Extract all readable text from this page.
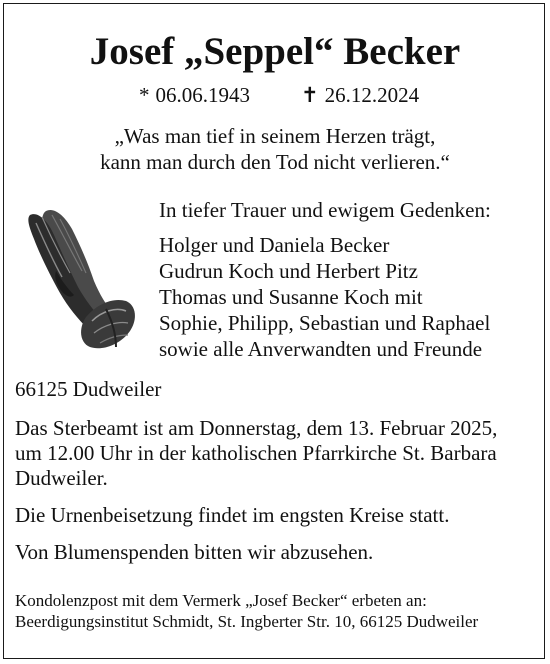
Josef „Seppel“ Becker
* 06.06.1943 ✝ 26.12.2024
„Was man tief in seinem Herzen trägt,
kann man durch den Tod nicht verlieren.“
In tiefer Trauer und ewigem Gedenken:
Holger und Daniela Becker
Gudrun Koch und Herbert Pitz
Thomas und Susanne Koch mit
Sophie, Philipp, Sebastian und Raphael
sowie alle Anverwandten und Freunde

66125 Dudweiler

Das Sterbeamt ist am Donnerstag, dem 13. Februar 2025,

um 12.00 Uhr in der katholischen Pfarrkirche St. Barbara

Dudweiler.

Die Urnenbeisetzung findet im engsten Kreise statt.

Von Blumenspenden bitten wir abzusehen.

Kondolenzpost mit dem Vermerk „Josef Becker“ erbeten an:
Beerdigungsinstitut Schmidt, St. Ingberter Str. 10, 66125 Dudweiler
